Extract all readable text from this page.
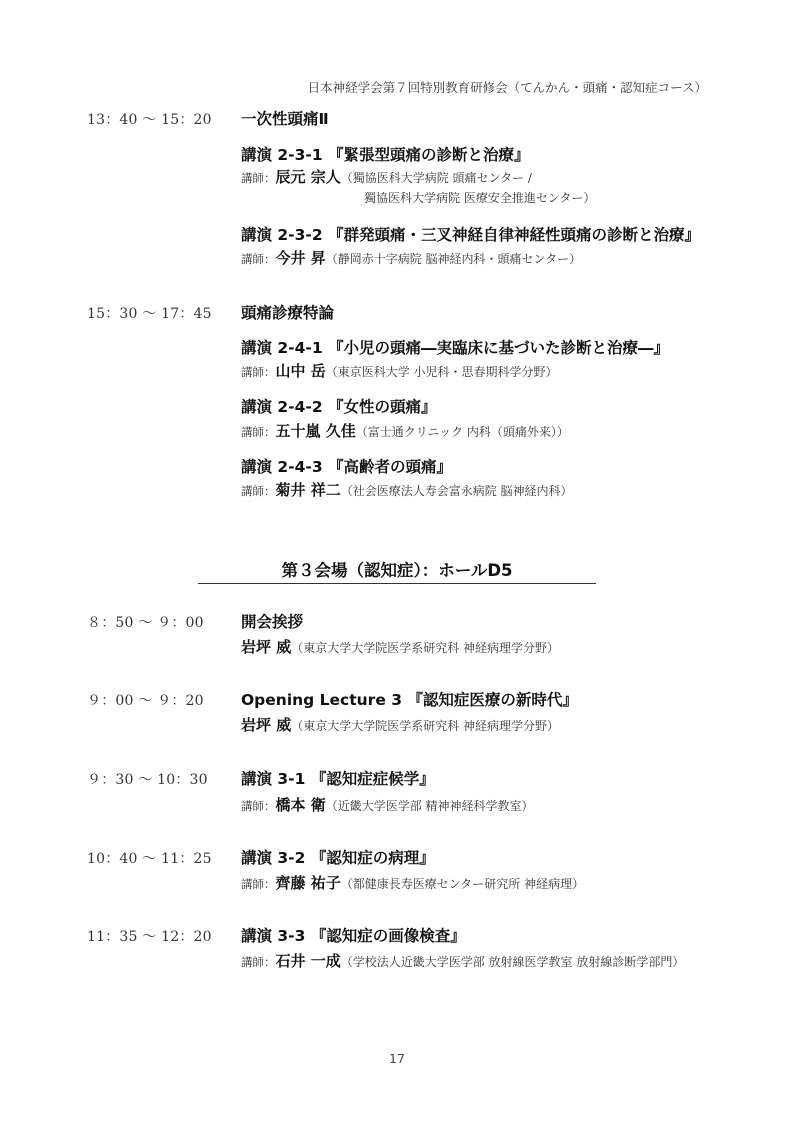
日本神経学会第７回特別教育研修会（てんかん・頭痛・認知症コース）
13：40 〜 15：20 一次性頭痛Ⅱ
講演 2-3-1 『緊張型頭痛の診断と治療』
講師：辰元 宗人（獨協医科大学病院 頭痛センター /
獨協医科大学病院 医療安全推進センター）
講演 2-3-2 『群発頭痛・三叉神経自律神経性頭痛の診断と治療』
講師：今井 昇（静岡赤十字病院 脳神経内科・頭痛センター）
15：30 〜 17：45 頭痛診療特論
講演 2-4-1 『小児の頭痛―実臨床に基づいた診断と治療―』
講師：山中 岳（東京医科大学 小児科・思春期科学分野）
講演 2-4-2 『女性の頭痛』
講師：五十嵐 久佳（富士通クリニック 内科（頭痛外来））
講演 2-4-3 『高齢者の頭痛』
講師：菊井 祥二（社会医療法人寿会富永病院 脳神経内科）
第３会場（認知症）：ホールD5
８：50 〜 ９：00 開会挨拶
岩坪 威（東京大学大学院医学系研究科 神経病理学分野）
９：00 〜 ９：20 Opening Lecture 3 『認知症医療の新時代』
岩坪 威（東京大学大学院医学系研究科 神経病理学分野）
９：30 〜 10：30 講演 3-1 『認知症症候学』
講師：橋本 衛（近畿大学医学部 精神神経科学教室）
10：40 〜 11：25 講演 3-2 『認知症の病理』
講師：齊藤 祐子（都健康長寿医療センター研究所 神経病理）
11：35 〜 12：20 講演 3-3 『認知症の画像検査』
講師：石井 一成（学校法人近畿大学医学部 放射線医学教室 放射線診断学部門）
17
